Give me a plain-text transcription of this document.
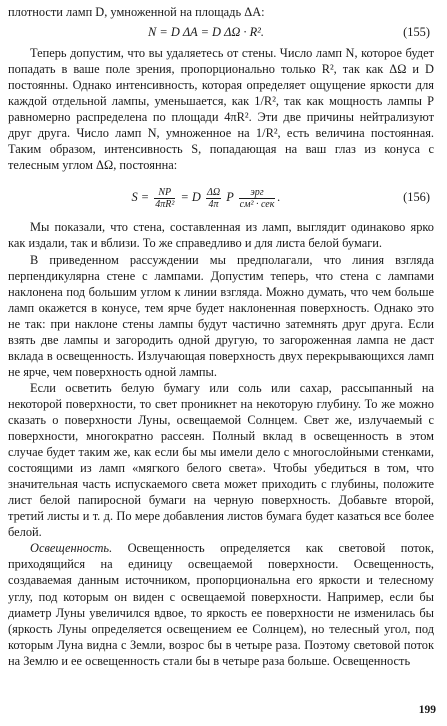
плотности ламп D, умноженной на площадь ΔA:

N = D ΔA = D ΔΩ · R².	(155)

Теперь допустим, что вы удаляетесь от стены. Число ламп N, которое будет попадать в ваше поле зрения, пропорционально только R², так как ΔΩ и D постоянны. Однако интенсивность, которая определяет ощущение яркости для каждой отдельной лампы, уменьшается, как 1/R², так как мощность лампы P равномерно распределена по площади 4πR². Эти две причины нейтрализуют друг друга. Число ламп N, умноженное на 1/R², есть величина постоянная. Таким образом, интенсивность S, попадающая на ваш глаз из конуса с телесным углом ΔΩ, постоянна:

$S = \frac{NP}{\text{4πR²}} = D \frac{\Delta\Omega}{4\pi}$ P $\frac{\text{эрг}}{\text{см² · сек}}$ .	(156)

Мы показали, что стена, составленная из ламп, выглядит одинаково ярко как издали, так и вблизи. То же справедливо и для листа белой бумаги.

В приведенном рассуждении мы предполагали, что линия взгляда перпендикулярна стене с лампами. Допустим теперь, что стена с лампами наклонена под большим углом к линии взгляда. Можно думать, что чем больше ламп окажется в конусе, тем ярче будет наклоненная поверхность. Однако это не так: при наклоне стены лампы будут частично затемнять друг друга. Если взять две лампы и загородить одной другую, то загороженная лампа не даст вклада в освещенность. Излучающая поверхность двух перекрывающихся ламп не ярче, чем поверхность одной лампы.

Если осветить белую бумагу или соль или сахар, рассыпанный на некоторой поверхности, то свет проникнет на некоторую глубину. То же можно сказать о поверхности Луны, освещаемой Солнцем. Свет же, излучаемый с поверхности, многократно рассеян. Полный вклад в освещенность в этом случае будет таким же, как если бы мы имели дело с многослойными стенками, состоящими из ламп «мягкого белого света». Чтобы убедиться в том, что значительная часть испускаемого света может приходить с глубины, положите лист белой папиросной бумаги на черную поверхность. Добавьте второй, третий листы и т. д. По мере добавления листов бумага будет казаться все более белой.

Освещенность. Освещенность определяется как световой поток, приходящийся на единицу освещаемой поверхности. Освещенность, создаваемая данным источником, пропорциональна его яркости и телесному углу, под которым он виден с освещаемой поверхности. Например, если бы диаметр Луны увеличился вдвое, то яркость ее поверхности не изменилась бы (яркость Луны определяется освещением ее Солнцем), но телесный угол, под которым Луна видна с Земли, возрос бы в четыре раза. Поэтому световой поток на Землю и ее освещенность стали бы в четыре раза больше. Освещенность

199
